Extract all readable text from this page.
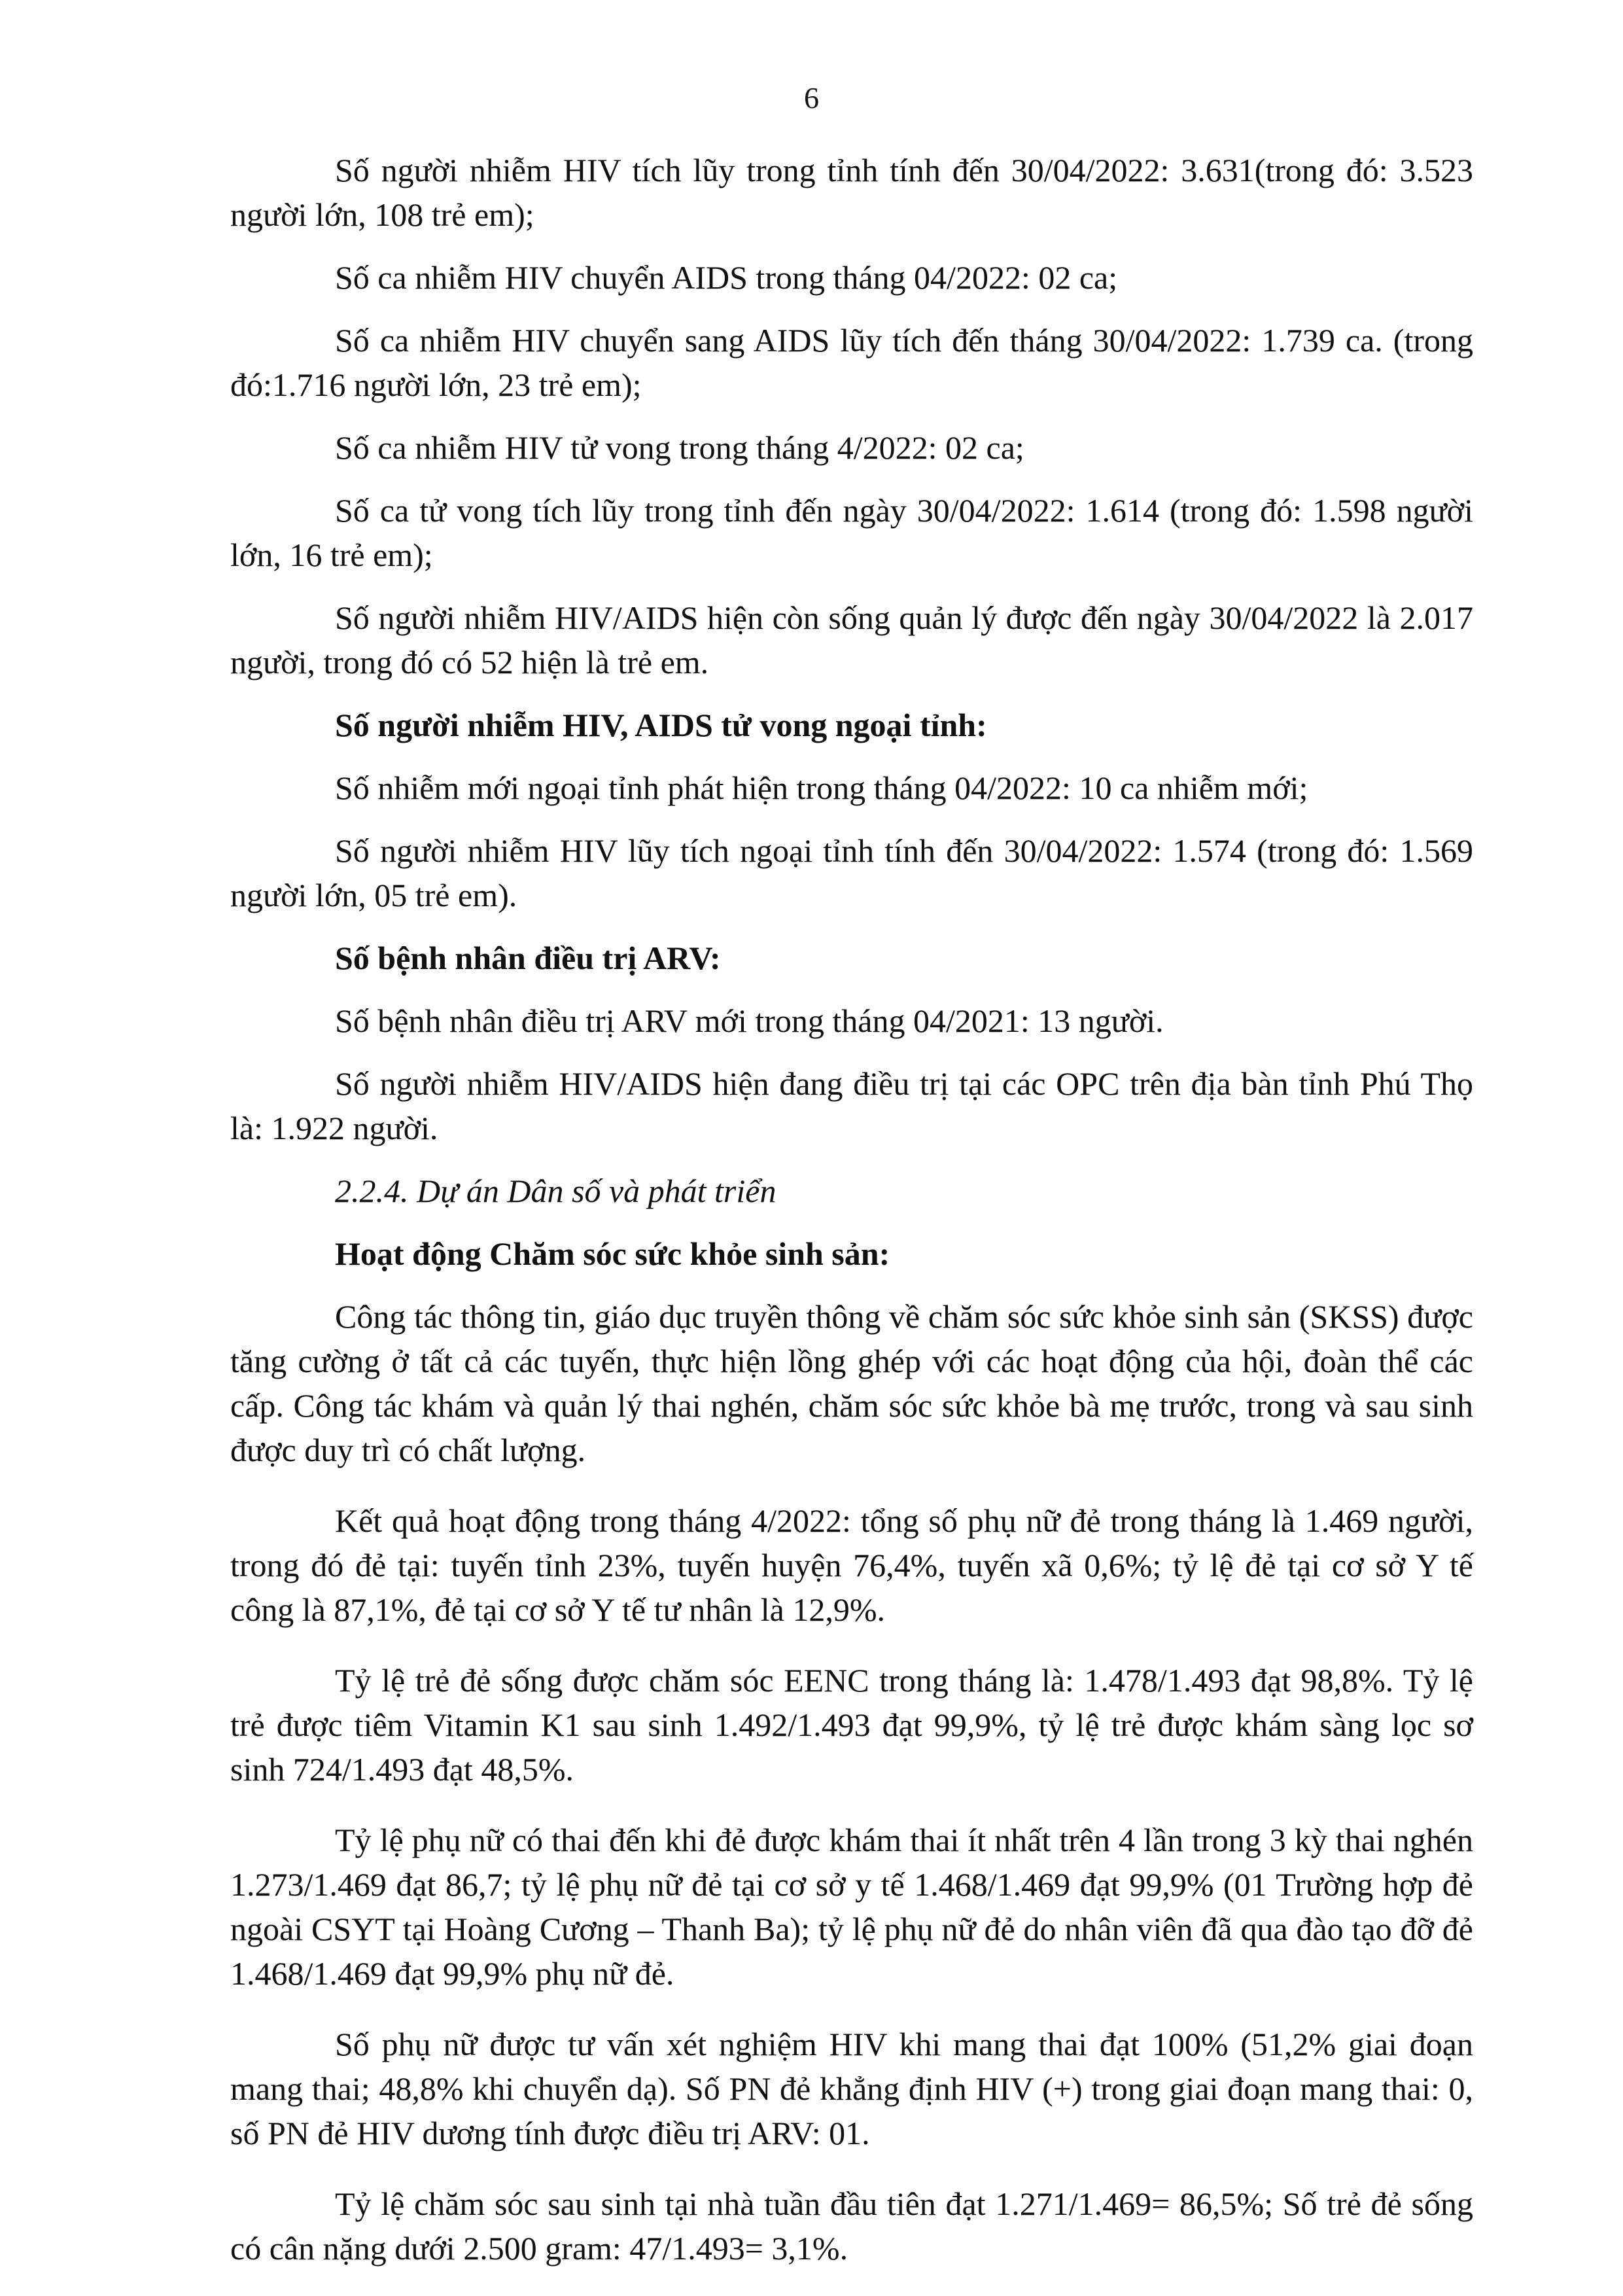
6

Số người nhiễm HIV tích lũy trong tỉnh tính đến 30/04/2022: 3.631(trong đó: 3.523 người lớn, 108 trẻ em);

Số ca nhiễm HIV chuyển AIDS trong tháng 04/2022: 02 ca;

Số ca nhiễm HIV chuyển sang AIDS lũy tích đến tháng 30/04/2022: 1.739 ca. (trong đó:1.716 người lớn, 23 trẻ em);

Số ca nhiễm HIV tử vong trong tháng 4/2022: 02 ca;

Số ca tử vong tích lũy trong tỉnh đến ngày 30/04/2022: 1.614 (trong đó: 1.598 người lớn, 16 trẻ em);

Số người nhiễm HIV/AIDS hiện còn sống quản lý được đến ngày 30/04/2022 là 2.017 người, trong đó có 52 hiện là trẻ em.

Số người nhiễm HIV, AIDS tử vong ngoại tỉnh:

Số nhiễm mới ngoại tỉnh phát hiện trong tháng 04/2022: 10 ca nhiễm mới;

Số người nhiễm HIV lũy tích ngoại tỉnh tính đến 30/04/2022: 1.574 (trong đó: 1.569 người lớn, 05 trẻ em).

Số bệnh nhân điều trị ARV:

Số bệnh nhân điều trị ARV mới trong tháng 04/2021: 13 người.

Số người nhiễm HIV/AIDS hiện đang điều trị tại các OPC trên địa bàn tỉnh Phú Thọ là: 1.922 người.

2.2.4. Dự án Dân số và phát triển

Hoạt động Chăm sóc sức khỏe sinh sản:

Công tác thông tin, giáo dục truyền thông về chăm sóc sức khỏe sinh sản (SKSS) được tăng cường ở tất cả các tuyến, thực hiện lồng ghép với các hoạt động của hội, đoàn thể các cấp. Công tác khám và quản lý thai nghén, chăm sóc sức khỏe bà mẹ trước, trong và sau sinh được duy trì có chất lượng.

Kết quả hoạt động trong tháng 4/2022: tổng số phụ nữ đẻ trong tháng là 1.469 người, trong đó đẻ tại: tuyến tỉnh 23%, tuyến huyện 76,4%, tuyến xã 0,6%; tỷ lệ đẻ tại cơ sở Y tế công là 87,1%, đẻ tại cơ sở Y tế tư nhân là 12,9%.

Tỷ lệ trẻ đẻ sống được chăm sóc EENC trong tháng là: 1.478/1.493 đạt 98,8%. Tỷ lệ trẻ được tiêm Vitamin K1 sau sinh 1.492/1.493 đạt 99,9%, tỷ lệ trẻ được khám sàng lọc sơ sinh 724/1.493 đạt 48,5%.

Tỷ lệ phụ nữ có thai đến khi đẻ được khám thai ít nhất trên 4 lần trong 3 kỳ thai nghén 1.273/1.469 đạt 86,7; tỷ lệ phụ nữ đẻ tại cơ sở y tế 1.468/1.469 đạt 99,9% (01 Trường hợp đẻ ngoài CSYT tại Hoàng Cương – Thanh Ba); tỷ lệ phụ nữ đẻ do nhân viên đã qua đào tạo đỡ đẻ 1.468/1.469 đạt 99,9% phụ nữ đẻ.

Số phụ nữ được tư vấn xét nghiệm HIV khi mang thai đạt 100% (51,2% giai đoạn mang thai; 48,8% khi chuyển dạ). Số PN đẻ khẳng định HIV (+) trong giai đoạn mang thai: 0, số PN đẻ HIV dương tính được điều trị ARV: 01.

Tỷ lệ chăm sóc sau sinh tại nhà tuần đầu tiên đạt 1.271/1.469= 86,5%; Số trẻ đẻ sống có cân nặng dưới 2.500 gram: 47/1.493= 3,1%.
